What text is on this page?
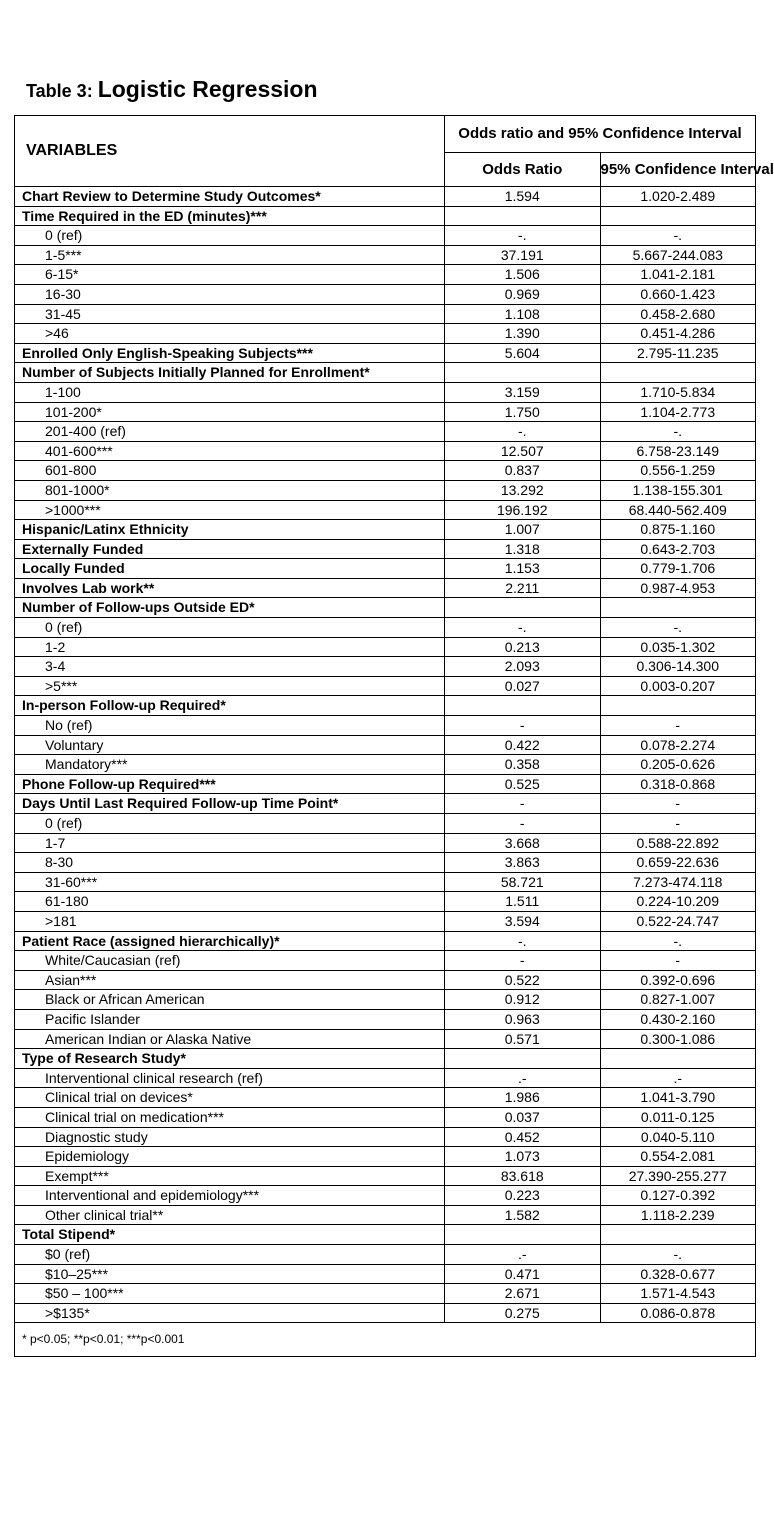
Table 3: Logistic Regression
VARIABLES	Odds ratio and 95% Confidence Interval	
	Odds Ratio	95% Confidence Interval
Chart Review to Determine Study Outcomes*	1.594	1.020-2.489
Time Required in the ED (minutes)***		
0 (ref)	-.	-.
1-5***	37.191	5.667-244.083
6-15*	1.506	1.041-2.181
16-30	0.969	0.660-1.423
31-45	1.108	0.458-2.680
>46	1.390	0.451-4.286
Enrolled Only English-Speaking Subjects***	5.604	2.795-11.235
Number of Subjects Initially Planned for Enrollment*		
1-100	3.159	1.710-5.834
101-200*	1.750	1.104-2.773
201-400 (ref)	-.	-.
401-600***	12.507	6.758-23.149
601-800	0.837	0.556-1.259
801-1000*	13.292	1.138-155.301
>1000***	196.192	68.440-562.409
Hispanic/Latinx Ethnicity	1.007	0.875-1.160
Externally Funded	1.318	0.643-2.703
Locally Funded	1.153	0.779-1.706
Involves Lab work**	2.211	0.987-4.953
Number of Follow-ups Outside ED*		
0 (ref)	-.	-.
1-2	0.213	0.035-1.302
3-4	2.093	0.306-14.300
>5***	0.027	0.003-0.207
In-person Follow-up Required*		
No (ref)	-	-
Voluntary	0.422	0.078-2.274
Mandatory***	0.358	0.205-0.626
Phone Follow-up Required***	0.525	0.318-0.868
Days Until Last Required Follow-up Time Point*	-	-
0 (ref)	-	-
1-7	3.668	0.588-22.892
8-30	3.863	0.659-22.636
31-60***	58.721	7.273-474.118
61-180	1.511	0.224-10.209
>181	3.594	0.522-24.747
Patient Race (assigned hierarchically)*	-.	-.
White/Caucasian (ref)	-	-
Asian***	0.522	0.392-0.696
Black or African American	0.912	0.827-1.007
Pacific Islander	0.963	0.430-2.160
American Indian or Alaska Native	0.571	0.300-1.086
Type of Research Study*		
Interventional clinical research (ref)	.-	.-
Clinical trial on devices*	1.986	1.041-3.790
Clinical trial on medication***	0.037	0.011-0.125
Diagnostic study	0.452	0.040-5.110
Epidemiology	1.073	0.554-2.081
Exempt***	83.618	27.390-255.277
Interventional and epidemiology***	0.223	0.127-0.392
Other clinical trial**	1.582	1.118-2.239
Total Stipend*		
$0 (ref)	.-	-.
$10–25***	0.471	0.328-0.677
$50 – 100***	2.671	1.571-4.543
>$135*	0.275	0.086-0.878
* p<0.05; **p<0.01; ***p<0.001		
